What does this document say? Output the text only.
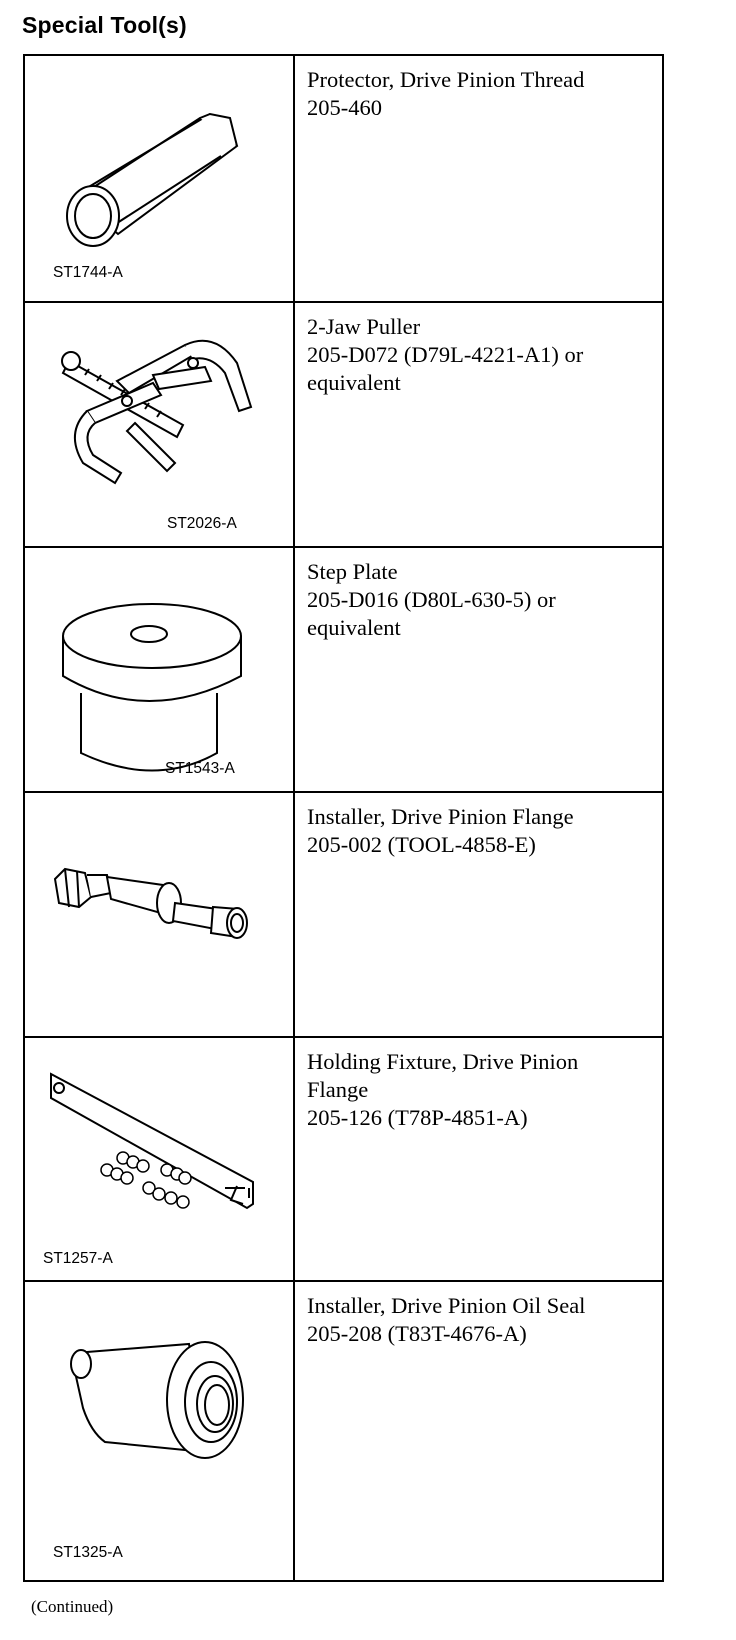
Special Tool(s)
ST1744-A
Protector, Drive Pinion Thread
205-460
ST2026-A
2-Jaw Puller
205-D072 (D79L-4221-A1) or
equivalent
ST1543-A
Step Plate
205-D016 (D80L-630-5) or
equivalent
Installer, Drive Pinion Flange
205-002 (TOOL-4858-E)
ST1257-A
Holding Fixture, Drive Pinion
Flange
205-126 (T78P-4851-A)
ST1325-A
Installer, Drive Pinion Oil Seal
205-208 (T83T-4676-A)
(Continued)
